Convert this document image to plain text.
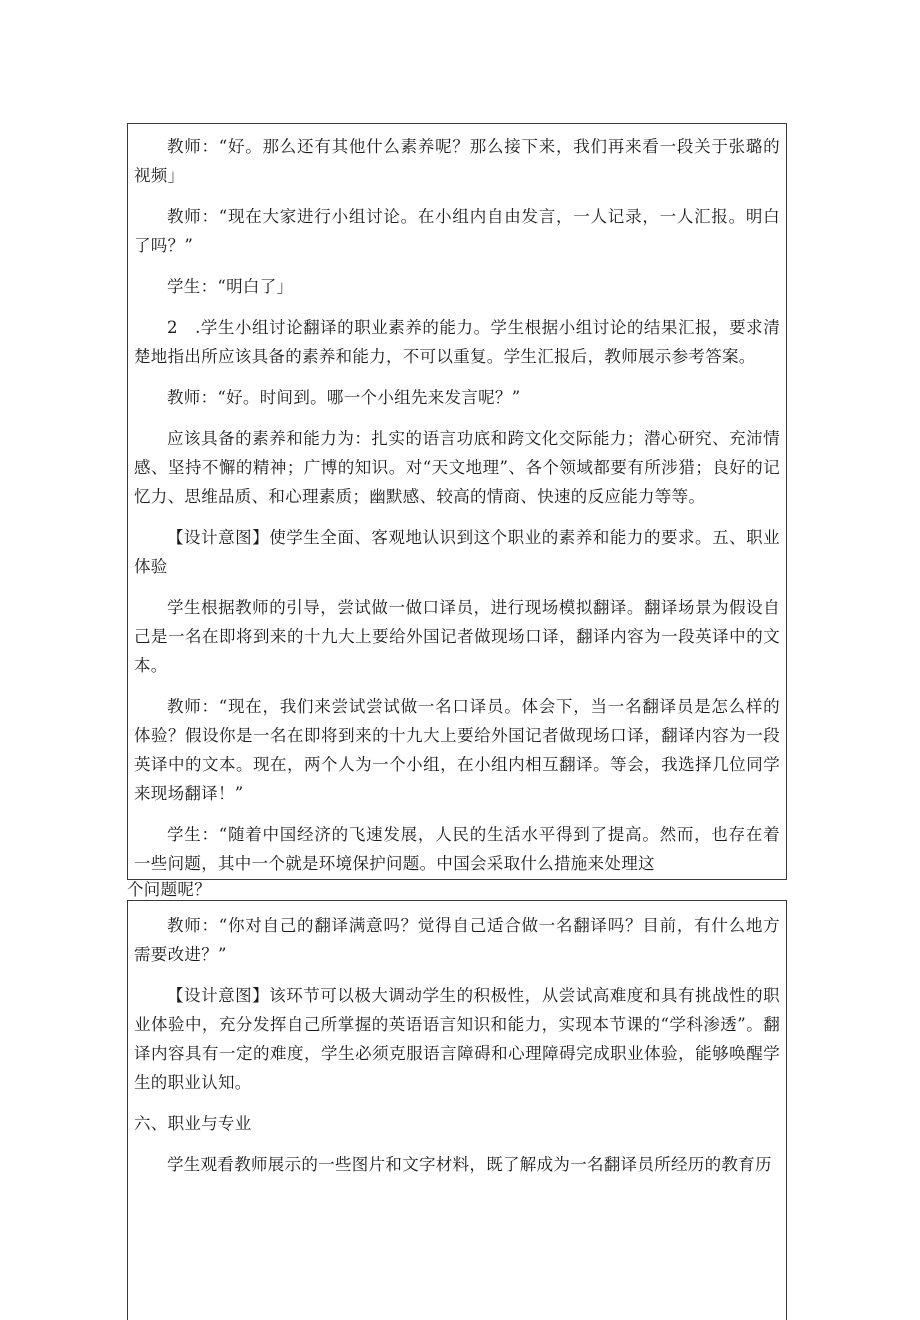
教师：“好。那么还有其他什么素养呢？那么接下来，我们再来看一段关于张璐的视频」

教师：“现在大家进行小组讨论。在小组内自由发言，一人记录，一人汇报。明白了吗？”

学生：“明白了」

2　.学生小组讨论翻译的职业素养的能力。学生根据小组讨论的结果汇报，要求清楚地指出所应该具备的素养和能力，不可以重复。学生汇报后，教师展示参考答案。

教师：“好。时间到。哪一个小组先来发言呢？”

应该具备的素养和能力为：扎实的语言功底和跨文化交际能力；潜心研究、充沛情感、坚持不懈的精神；广博的知识。对“天文地理”、各个领域都要有所涉猎；良好的记忆力、思维品质、和心理素质；幽默感、较高的情商、快速的反应能力等等。

【设计意图】使学生全面、客观地认识到这个职业的素养和能力的要求。五、职业体验

学生根据教师的引导，尝试做一做口译员，进行现场模拟翻译。翻译场景为假设自己是一名在即将到来的十九大上要给外国记者做现场口译，翻译内容为一段英译中的文本。

教师：“现在，我们来尝试尝试做一名口译员。体会下，当一名翻译员是怎么样的体验？假设你是一名在即将到来的十九大上要给外国记者做现场口译，翻译内容为一段英译中的文本。现在，两个人为一个小组，在小组内相互翻译。等会，我选择几位同学来现场翻译！”

学生：“随着中国经济的飞速发展，人民的生活水平得到了提高。然而，也存在着一些问题，其中一个就是环境保护问题。中国会采取什么措施来处理这

个问题呢？

教师：“你对自己的翻译满意吗？觉得自己适合做一名翻译吗？目前，有什么地方需要改进？”

【设计意图】该环节可以极大调动学生的积极性，从尝试高难度和具有挑战性的职业体验中，充分发挥自己所掌握的英语语言知识和能力，实现本节课的“学科渗透”。翻译内容具有一定的难度，学生必须克服语言障碍和心理障碍完成职业体验，能够唤醒学生的职业认知。

六、职业与专业

学生观看教师展示的一些图片和文字材料，既了解成为一名翻译员所经历的教育历
